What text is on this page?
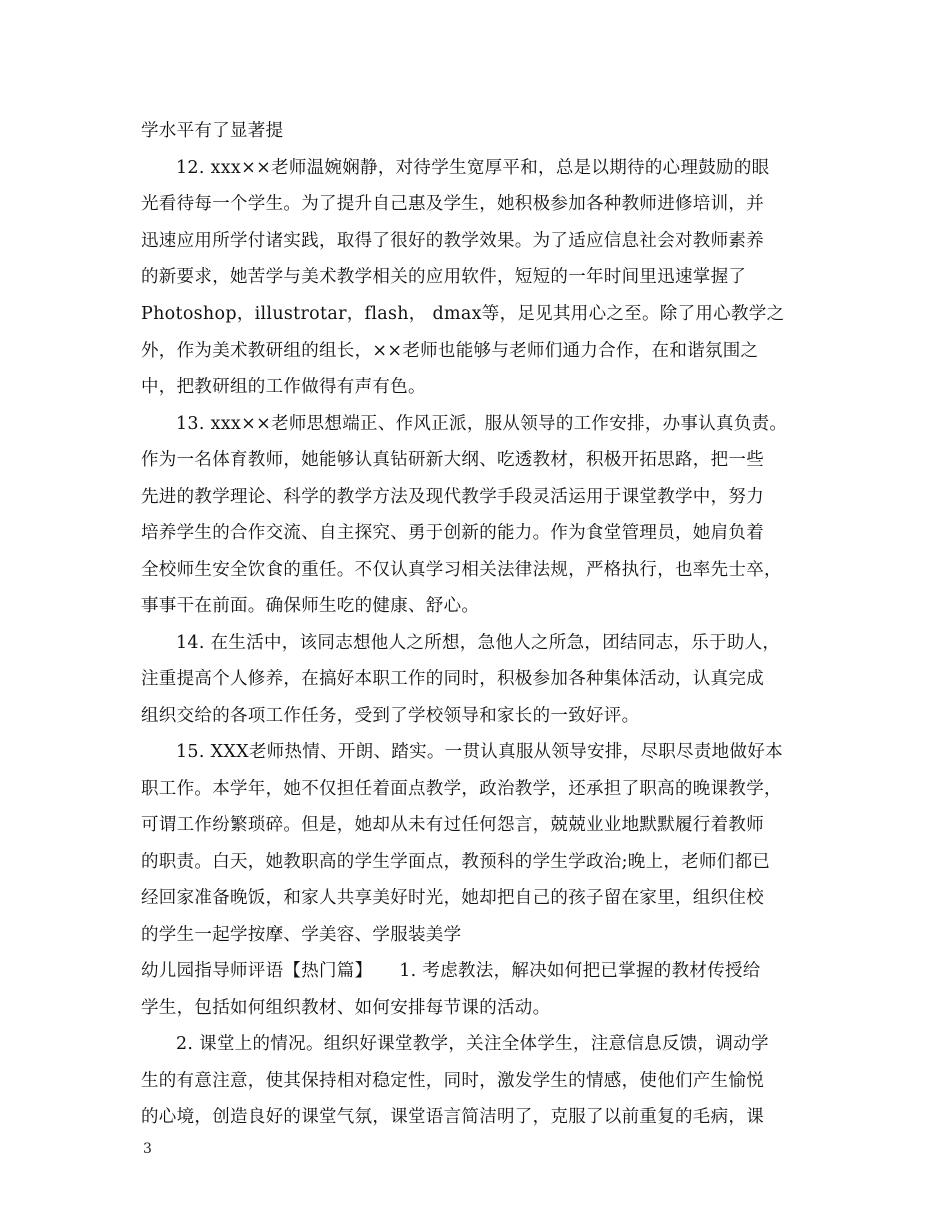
学水平有了显著提
12. xxx××老师温婉娴静，对待学生宽厚平和，总是以期待的心理鼓励的眼
光看待每一个学生。为了提升自己惠及学生，她积极参加各种教师进修培训，并
迅速应用所学付诸实践，取得了很好的教学效果。为了适应信息社会对教师素养
的新要求，她苦学与美术教学相关的应用软件，短短的一年时间里迅速掌握了
Photoshop，illustrotar，flash， dmax等，足见其用心之至。除了用心教学之
外，作为美术教研组的组长，××老师也能够与老师们通力合作，在和谐氛围之
中，把教研组的工作做得有声有色。
13. xxx××老师思想端正、作风正派，服从领导的工作安排，办事认真负责。
作为一名体育教师，她能够认真钻研新大纲、吃透教材，积极开拓思路，把一些
先进的教学理论、科学的教学方法及现代教学手段灵活运用于课堂教学中，努力
培养学生的合作交流、自主探究、勇于创新的能力。作为食堂管理员，她肩负着
全校师生安全饮食的重任。不仅认真学习相关法律法规，严格执行，也率先士卒，
事事干在前面。确保师生吃的健康、舒心。
14. 在生活中，该同志想他人之所想，急他人之所急，团结同志，乐于助人，
注重提高个人修养，在搞好本职工作的同时，积极参加各种集体活动，认真完成
组织交给的各项工作任务，受到了学校领导和家长的一致好评。
15. XXX老师热情、开朗、踏实。一贯认真服从领导安排，尽职尽责地做好本
职工作。本学年，她不仅担任着面点教学，政治教学，还承担了职高的晚课教学，
可谓工作纷繁琐碎。但是，她却从未有过任何怨言，兢兢业业地默默履行着教师
的职责。白天，她教职高的学生学面点，教预科的学生学政治;晚上，老师们都已
经回家准备晚饭，和家人共享美好时光，她却把自己的孩子留在家里，组织住校
的学生一起学按摩、学美容、学服装美学
幼儿园指导师评语【热门篇】　　1. 考虑教法，解决如何把已掌握的教材传授给
学生，包括如何组织教材、如何安排每节课的活动。
2. 课堂上的情况。组织好课堂教学，关注全体学生，注意信息反馈，调动学
生的有意注意，使其保持相对稳定性，同时，激发学生的情感，使他们产生愉悦
的心境，创造良好的课堂气氛，课堂语言简洁明了，克服了以前重复的毛病，课
3
